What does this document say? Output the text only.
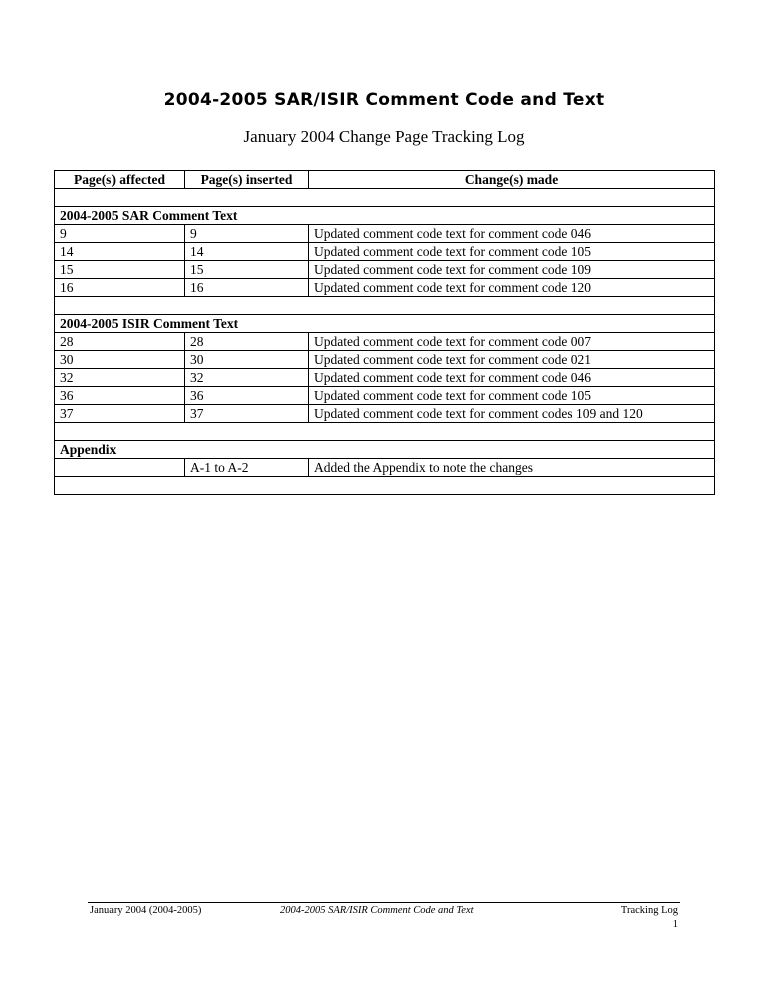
2004-2005 SAR/ISIR Comment Code and Text
January 2004 Change Page Tracking Log
Page(s) affected	Page(s) inserted	Change(s) made

2004-2005 SAR Comment Text		
9	9	Updated comment code text for comment code 046
14	14	Updated comment code text for comment code 105
15	15	Updated comment code text for comment code 109
16	16	Updated comment code text for comment code 120

2004-2005 ISIR Comment Text		
28	28	Updated comment code text for comment code 007
30	30	Updated comment code text for comment code 021
32	32	Updated comment code text for comment code 046
36	36	Updated comment code text for comment code 105
37	37	Updated comment code text for comment codes 109 and 120

Appendix		
	A-1 to A-2	Added the Appendix to note the changes

January 2004 (2004-2005)	2004-2005 SAR/ISIR Comment Code and Text	Tracking Log
1
